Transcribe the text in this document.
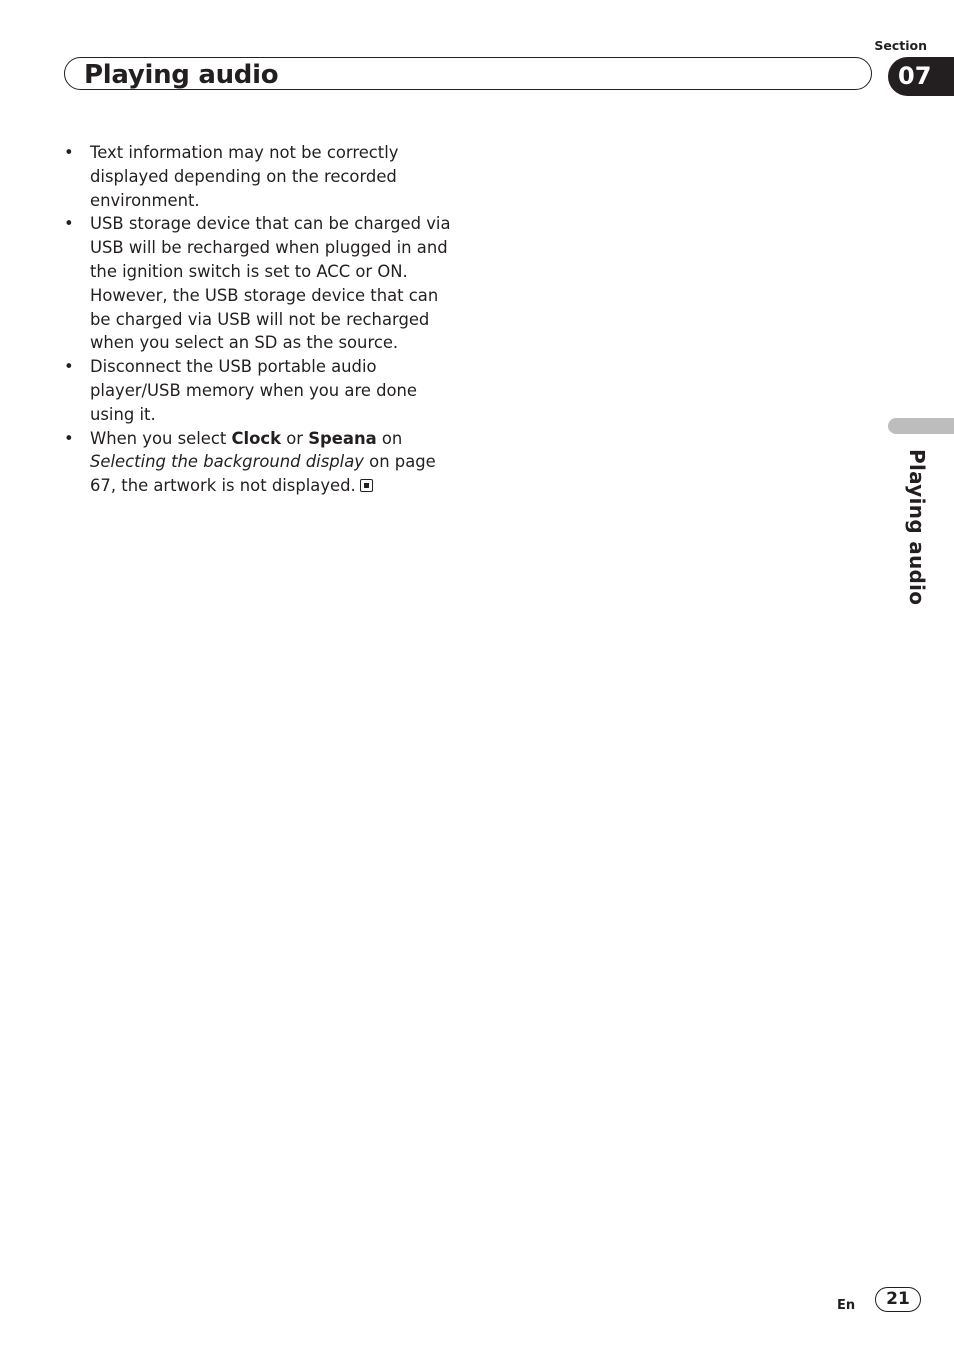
Playing audio
Section
07
Playing audio
• Text information may not be correctly displayed depending on the recorded environment.
• USB storage device that can be charged via USB will be recharged when plugged in and the ignition switch is set to ACC or ON. However, the USB storage device that can be charged via USB will not be recharged when you select an SD as the source.
• Disconnect the USB portable audio player/USB memory when you are done using it.
• When you select Clock or Speana on Selecting the background display on page 67, the artwork is not displayed.
En	21
